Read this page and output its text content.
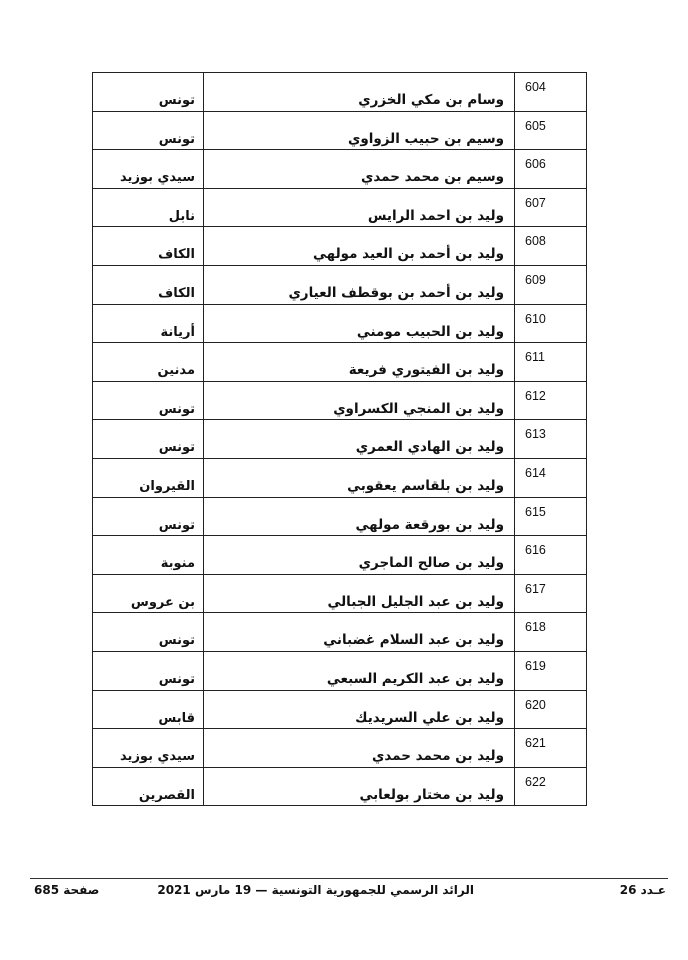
تونس	وسام بن مكي الخزري	604

تونس	وسيم بن حبيب الزواوي	605

سيدي بوزيد	وسيم بن محمد حمدي	606

نابل	وليد بن احمد الرايس	607

الكاف	وليد بن أحمد بن العيد مولهي	608

الكاف	وليد بن أحمد بن بوقطف العياري	609

أريانة	وليد بن الحبيب مومني	610

مدنين	وليد بن الفيتوري فريعة	611

تونس	وليد بن المنجي الكسراوي	612

تونس	وليد بن الهادي العمري	613

القيروان	وليد بن بلقاسم يعقوبي	614

تونس	وليد بن بورقعة مولهي	615

منوبة	وليد بن صالح الماجري	616

بن عروس	وليد بن عبد الجليل الجبالي	617

تونس	وليد بن عبد السلام غضباني	618

تونس	وليد بن عبد الكريم السبعي	619

قابس	وليد بن علي السريديك	620

سيدي بوزيد	وليد بن محمد حمدي	621

القصرين	وليد بن مختار بولعابي	622
صفحة 685	الرائد الرسمي للجمهورية التونسية — 19 مارس 2021	عـدد 26
